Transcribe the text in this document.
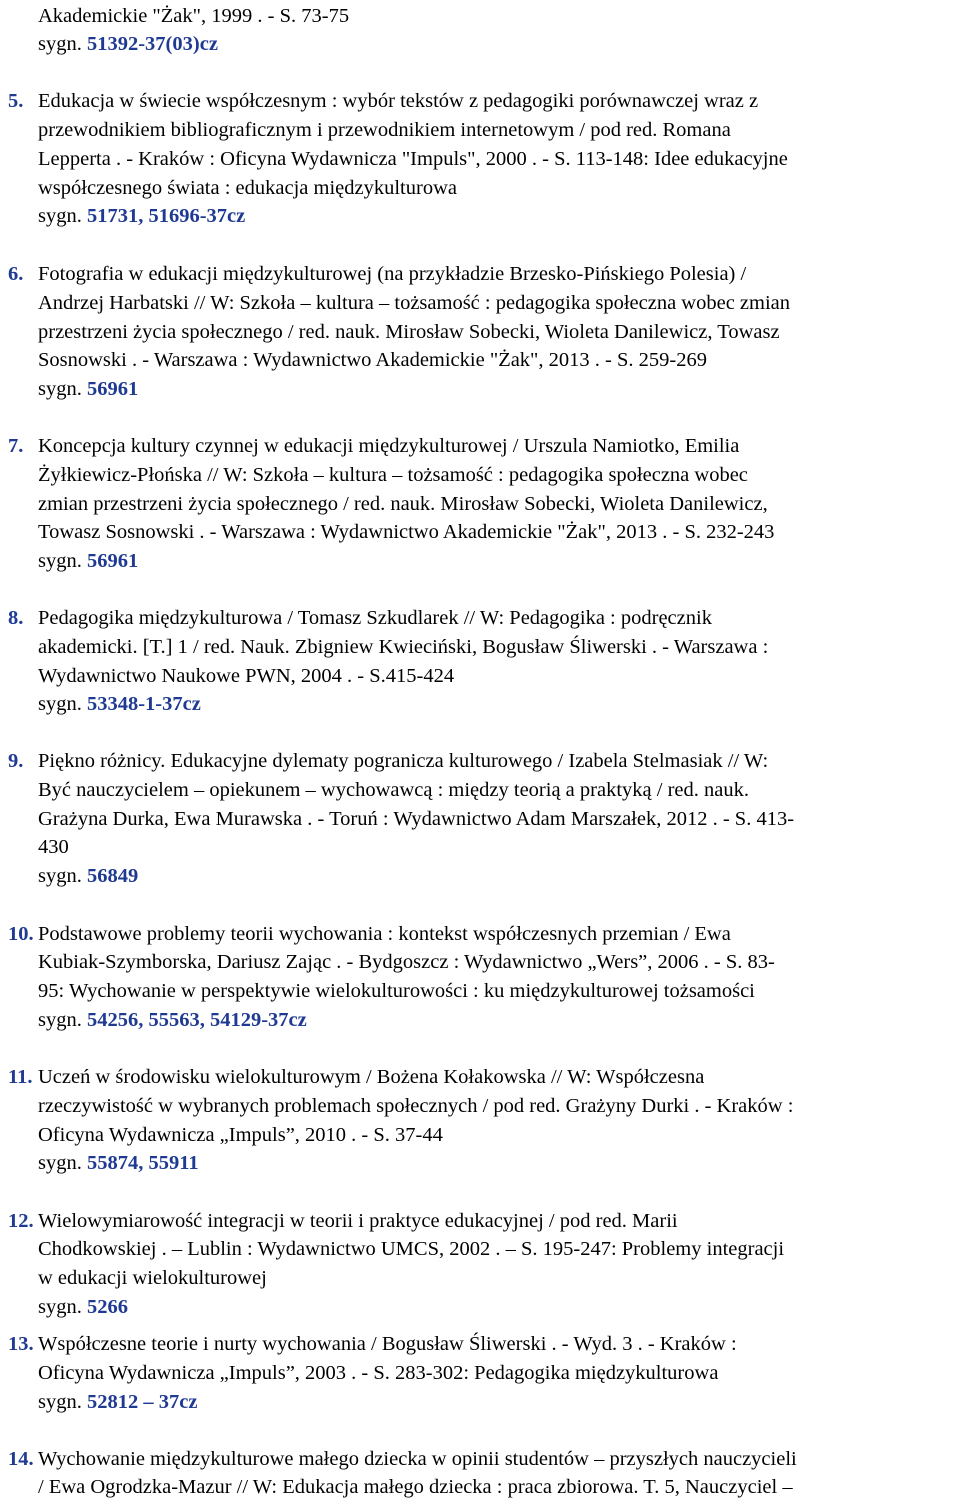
Akademickie "Żak", 1999 . - S. 73-75
sygn. 51392-37(03)cz
5. Edukacja w świecie współczesnym : wybór tekstów z pedagogiki porównawczej wraz z
przewodnikiem bibliograficznym i przewodnikiem internetowym / pod red. Romana
Lepperta . - Kraków : Oficyna Wydawnicza "Impuls", 2000 . - S. 113-148: Idee edukacyjne
współczesnego świata : edukacja międzykulturowa
sygn. 51731, 51696-37cz
6. Fotografia w edukacji międzykulturowej (na przykładzie Brzesko-Pińskiego Polesia) /
Andrzej Harbatski // W: Szkoła – kultura – tożsamość : pedagogika społeczna wobec zmian
przestrzeni życia społecznego / red. nauk. Mirosław Sobecki, Wioleta Danilewicz, Towasz
Sosnowski . - Warszawa : Wydawnictwo Akademickie "Żak", 2013 . - S. 259-269
sygn. 56961
7. Koncepcja kultury czynnej w edukacji międzykulturowej / Urszula Namiotko, Emilia
Żyłkiewicz-Płońska // W: Szkoła – kultura – tożsamość : pedagogika społeczna wobec
zmian przestrzeni życia społecznego / red. nauk. Mirosław Sobecki, Wioleta Danilewicz,
Towasz Sosnowski . - Warszawa : Wydawnictwo Akademickie "Żak", 2013 . - S. 232-243
sygn. 56961
8. Pedagogika międzykulturowa / Tomasz Szkudlarek // W: Pedagogika : podręcznik
akademicki. [T.] 1 / red. Nauk. Zbigniew Kwieciński, Bogusław Śliwerski . - Warszawa :
Wydawnictwo Naukowe PWN, 2004 . - S.415-424
sygn. 53348-1-37cz
9. Piękno różnicy. Edukacyjne dylematy pogranicza kulturowego / Izabela Stelmasiak // W:
Być nauczycielem – opiekunem – wychowawcą : między teorią a praktyką / red. nauk.
Grażyna Durka, Ewa Murawska . - Toruń : Wydawnictwo Adam Marszałek, 2012 . - S. 413-
430
sygn. 56849
10. Podstawowe problemy teorii wychowania : kontekst współczesnych przemian / Ewa
Kubiak-Szymborska, Dariusz Zając . - Bydgoszcz : Wydawnictwo „Wers”, 2006 . - S. 83-
95: Wychowanie w perspektywie wielokulturowości : ku międzykulturowej tożsamości
sygn. 54256, 55563, 54129-37cz
11. Uczeń w środowisku wielokulturowym / Bożena Kołakowska // W: Współczesna
rzeczywistość w wybranych problemach społecznych / pod red. Grażyny Durki . - Kraków :
Oficyna Wydawnicza „Impuls”, 2010 . - S. 37-44
sygn. 55874, 55911
12. Wielowymiarowość integracji w teorii i praktyce edukacyjnej / pod red. Marii
Chodkowskiej . – Lublin : Wydawnictwo UMCS, 2002 . – S. 195-247: Problemy integracji
w edukacji wielokulturowej
sygn. 5266
13. Współczesne teorie i nurty wychowania / Bogusław Śliwerski . - Wyd. 3 . - Kraków :
Oficyna Wydawnicza „Impuls”, 2003 . - S. 283-302: Pedagogika międzykulturowa
sygn. 52812 – 37cz
14. Wychowanie międzykulturowe małego dziecka w opinii studentów – przyszłych nauczycieli
/ Ewa Ogrodzka-Mazur // W: Edukacja małego dziecka : praca zbiorowa. T. 5, Nauczyciel –
